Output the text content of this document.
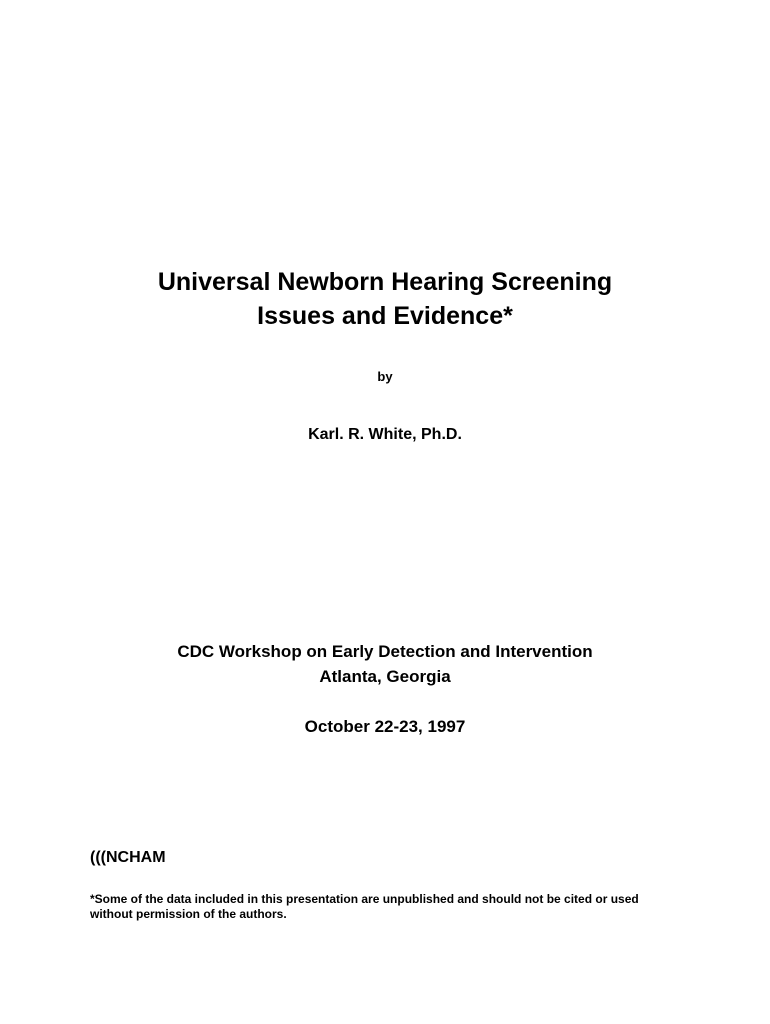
Universal Newborn Hearing Screening
Issues and Evidence*
by
Karl. R. White, Ph.D.
CDC Workshop on Early Detection and Intervention
Atlanta, Georgia
October 22-23, 1997
(((NCHAM
*Some of the data included in this presentation are unpublished and should not be cited or used
without permission of the authors.
